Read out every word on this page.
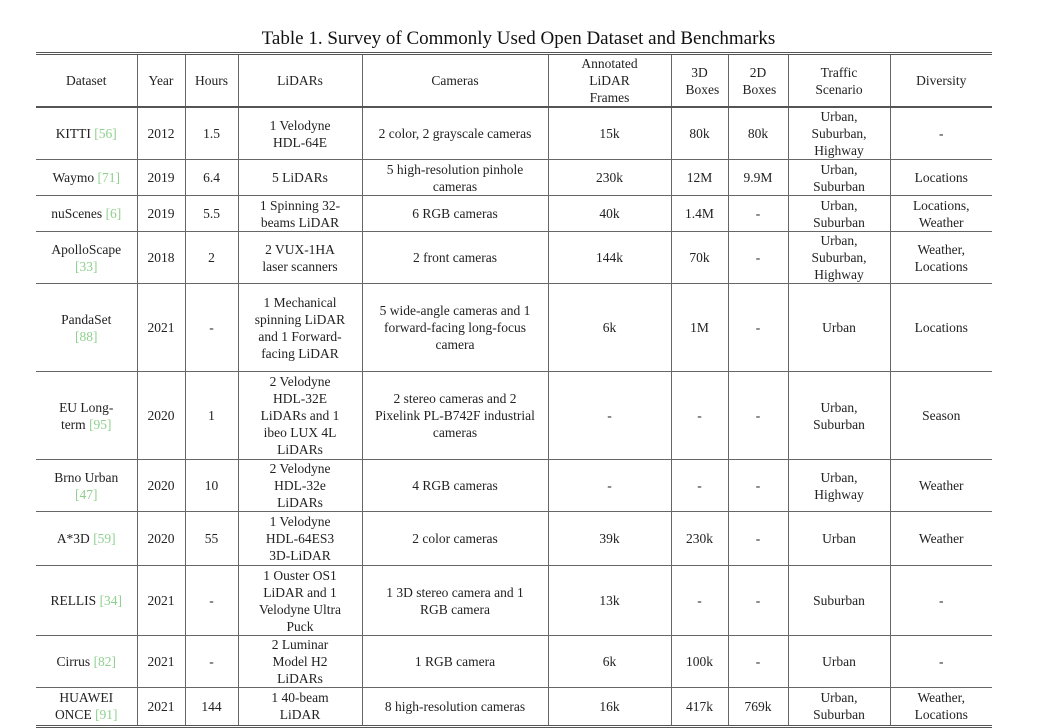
Table 1. Survey of Commonly Used Open Dataset and Benchmarks
Dataset	Year	Hours	LiDARs	Cameras	Annotated LiDAR Frames	3D Boxes	2D Boxes	Traffic Scenario	Diversity

KITTI [56]	2012	1.5	1 Velodyne HDL-64E	2 color, 2 grayscale cameras	15k	80k	80k	Urban, Suburban, Highway	-

Waymo [71]	2019	6.4	5 LiDARs	5 high-resolution pinhole cameras	230k	12M	9.9M	Urban, Suburban	Locations

nuScenes [6]	2019	5.5	1 Spinning 32-beams LiDAR	6 RGB cameras	40k	1.4M	-	Urban, Suburban	Locations, Weather

ApolloScape [33]	2018	2	2 VUX-1HA laser scanners	2 front cameras	144k	70k	-	Urban, Suburban, Highway	Weather, Locations

PandaSet [88]	2021	-	1 Mechanical spinning LiDAR and 1 Forward-facing LiDAR	5 wide-angle cameras and 1 forward-facing long-focus camera	6k	1M	-	Urban	Locations

EU Long-term [95]	2020	1	2 Velodyne HDL-32E LiDARs and 1 ibeo LUX 4L LiDARs	2 stereo cameras and 2 Pixelink PL-B742F industrial cameras	-	-	-	Urban, Suburban	Season

Brno Urban [47]	2020	10	2 Velodyne HDL-32e LiDARs	4 RGB cameras	-	-	-	Urban, Highway	Weather

A*3D [59]	2020	55	1 Velodyne HDL-64ES3 3D-LiDAR	2 color cameras	39k	230k	-	Urban	Weather

RELLIS [34]	2021	-	1 Ouster OS1 LiDAR and 1 Velodyne Ultra Puck	1 3D stereo camera and 1 RGB camera	13k	-	-	Suburban	-

Cirrus [82]	2021	-	2 Luminar Model H2 LiDARs	1 RGB camera	6k	100k	-	Urban	-

HUAWEI ONCE [91]	2021	144	1 40-beam LiDAR	8 high-resolution cameras	16k	417k	769k	Urban, Suburban	Weather, Locations
